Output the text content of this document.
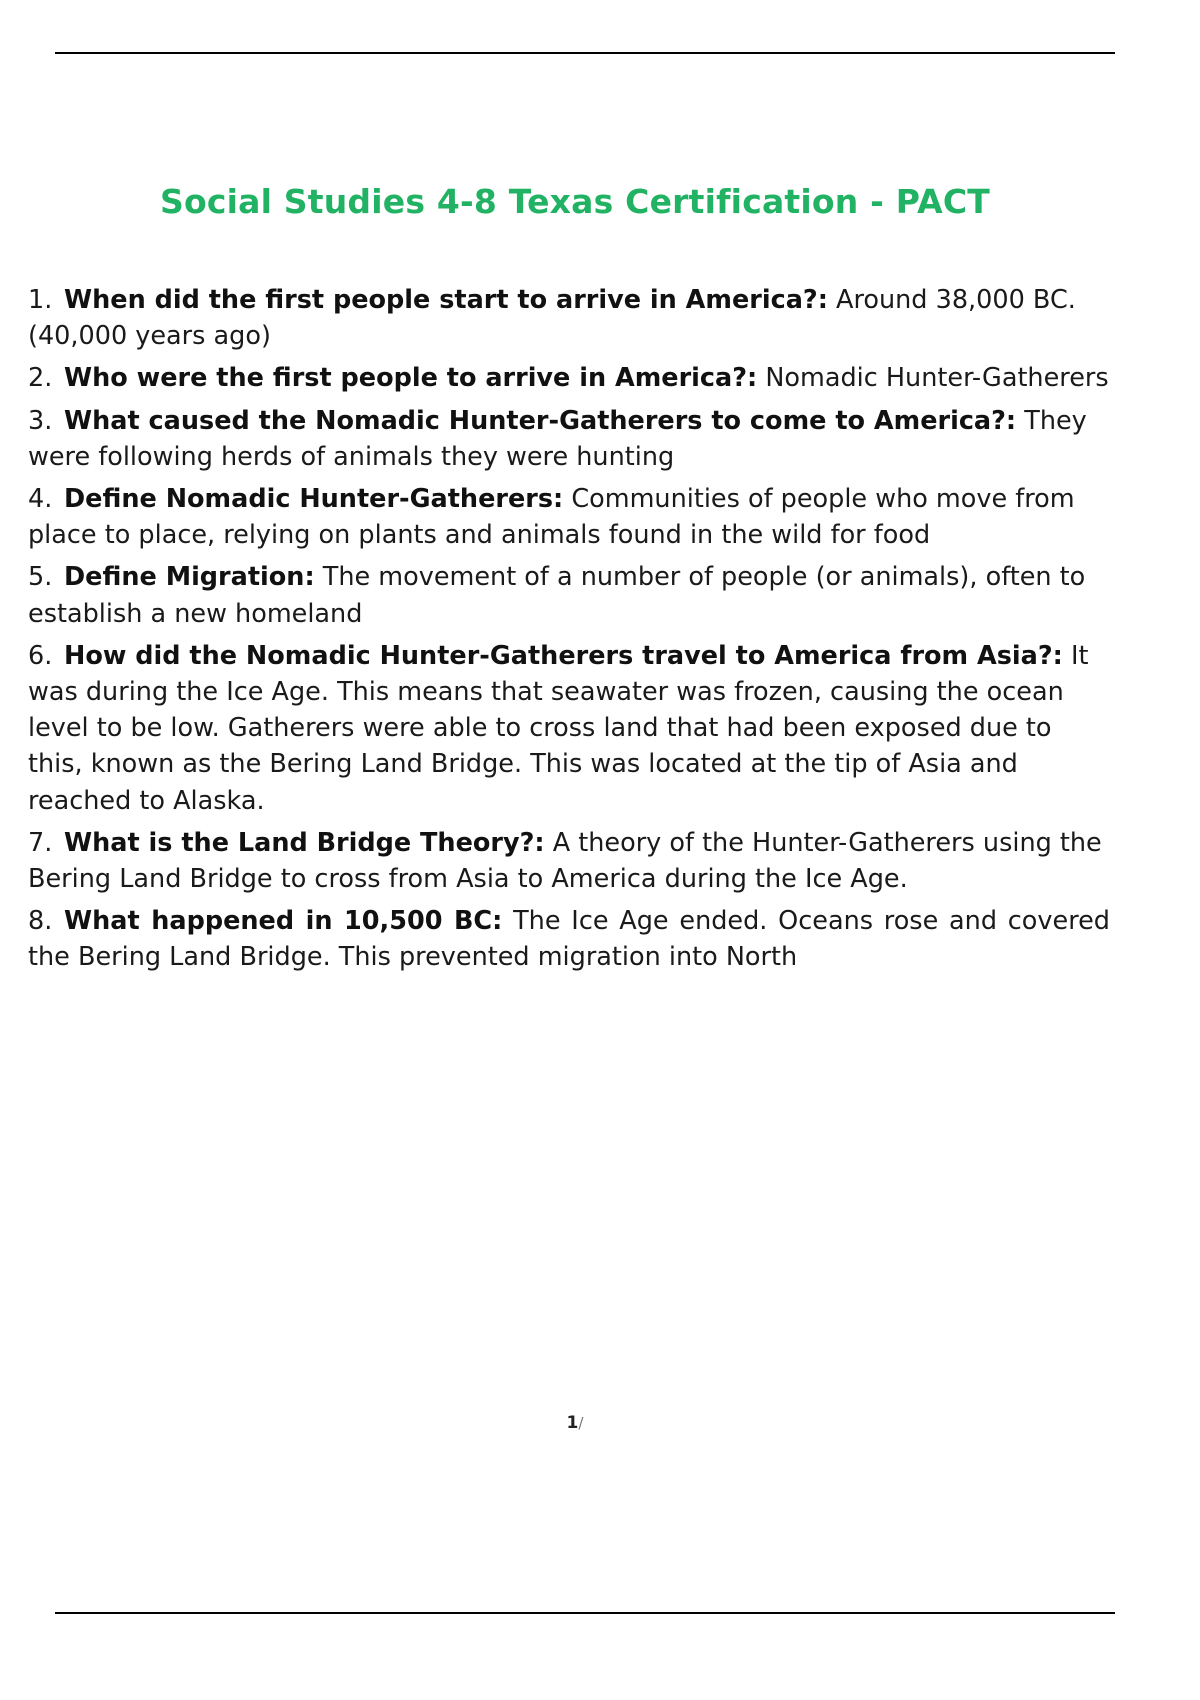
Social Studies 4-8 Texas Certification - PACT
When did the first people start to arrive in America?: Around 38,000 BC. (40,000 years ago)
Who were the first people to arrive in America?: Nomadic Hunter-Gatherers
What caused the Nomadic Hunter-Gatherers to come to America?: They were following herds of animals they were hunting
Define Nomadic Hunter-Gatherers: Communities of people who move from place to place, relying on plants and animals found in the wild for food
Define Migration: The movement of a number of people (or animals), often to establish a new homeland
How did the Nomadic Hunter-Gatherers travel to America from Asia?: It was during the Ice Age. This means that seawater was frozen, causing the ocean level to be low. Gatherers were able to cross land that had been exposed due to this, known as the Bering Land Bridge. This was located at the tip of Asia and reached to Alaska.
What is the Land Bridge Theory?: A theory of the Hunter-Gatherers using the Bering Land Bridge to cross from Asia to America during the Ice Age.
What happened in 10,500 BC: The Ice Age ended. Oceans rose and covered the Bering Land Bridge. This prevented migration into North
1/
